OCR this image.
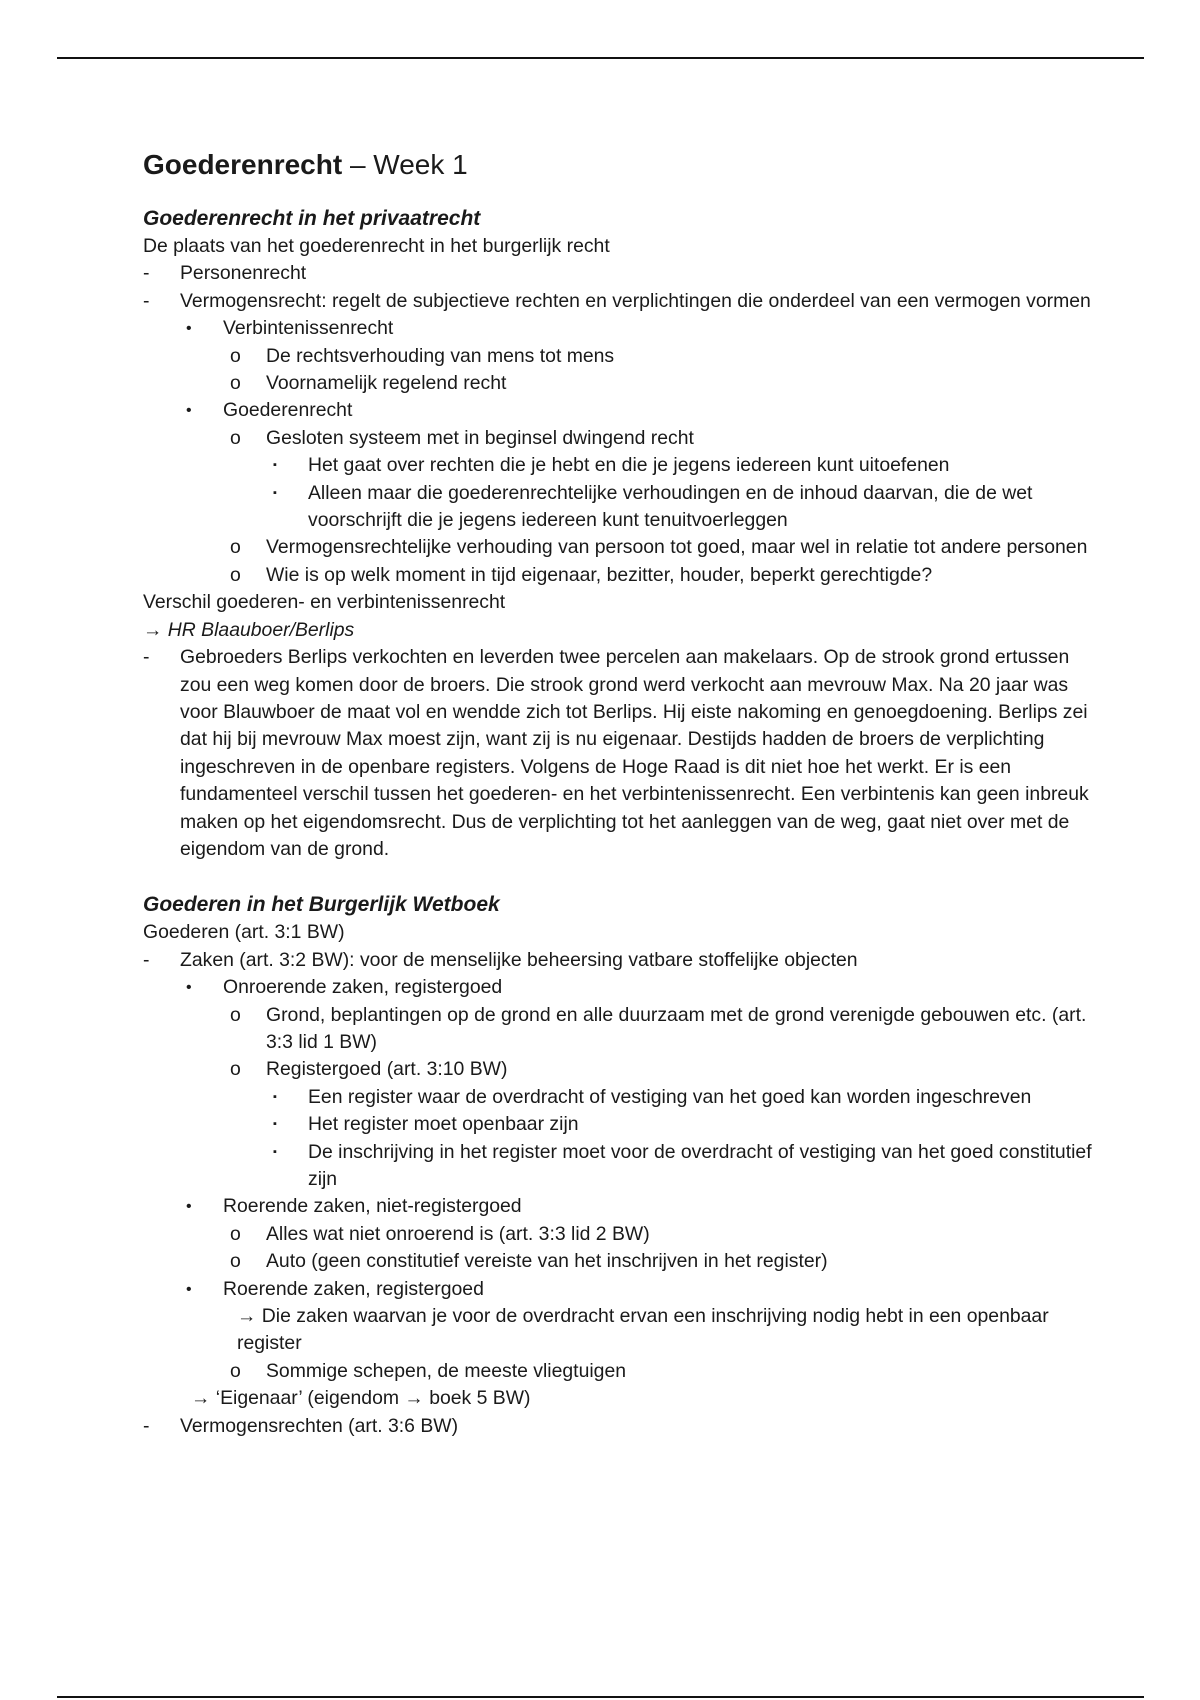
Goederenrecht – Week 1

Goederenrecht in het privaatrecht

De plaats van het goederenrecht in het burgerlijk recht

- Personenrecht
- Vermogensrecht: regelt de subjectieve rechten en verplichtingen die onderdeel van een vermogen vormen
• Verbintenissenrecht
o De rechtsverhouding van mens tot mens
o Voornamelijk regelend recht
• Goederenrecht
o Gesloten systeem met in beginsel dwingend recht
▪ Het gaat over rechten die je hebt en die je jegens iedereen kunt uitoefenen
▪ Alleen maar die goederenrechtelijke verhoudingen en de inhoud daarvan, die de wet voorschrijft die je jegens iedereen kunt tenuitvoerleggen
o Vermogensrechtelijke verhouding van persoon tot goed, maar wel in relatie tot andere personen
o Wie is op welk moment in tijd eigenaar, bezitter, houder, beperkt gerechtigde?

Verschil goederen- en verbintenissenrecht

→ HR Blaauboer/Berlips

- Gebroeders Berlips verkochten en leverden twee percelen aan makelaars. Op de strook grond ertussen zou een weg komen door de broers. Die strook grond werd verkocht aan mevrouw Max. Na 20 jaar was voor Blauwboer de maat vol en wendde zich tot Berlips. Hij eiste nakoming en genoegdoening. Berlips zei dat hij bij mevrouw Max moest zijn, want zij is nu eigenaar. Destijds hadden de broers de verplichting ingeschreven in de openbare registers. Volgens de Hoge Raad is dit niet hoe het werkt. Er is een fundamenteel verschil tussen het goederen- en het verbintenissenrecht. Een verbintenis kan geen inbreuk maken op het eigendomsrecht. Dus de verplichting tot het aanleggen van de weg, gaat niet over met de eigendom van de grond.

Goederen in het Burgerlijk Wetboek

Goederen (art. 3:1 BW)

- Zaken (art. 3:2 BW): voor de menselijke beheersing vatbare stoffelijke objecten
• Onroerende zaken, registergoed
o Grond, beplantingen op de grond en alle duurzaam met de grond verenigde gebouwen etc. (art. 3:3 lid 1 BW)
o Registergoed (art. 3:10 BW)
▪ Een register waar de overdracht of vestiging van het goed kan worden ingeschreven
▪ Het register moet openbaar zijn
▪ De inschrijving in het register moet voor de overdracht of vestiging van het goed constitutief zijn
• Roerende zaken, niet-registergoed
o Alles wat niet onroerend is (art. 3:3 lid 2 BW)
o Auto (geen constitutief vereiste van het inschrijven in het register)
• Roerende zaken, registergoed

→ Die zaken waarvan je voor de overdracht ervan een inschrijving nodig hebt in een openbaar register

o Sommige schepen, de meeste vliegtuigen

→ ‘Eigenaar’ (eigendom → boek 5 BW)

- Vermogensrechten (art. 3:6 BW)
